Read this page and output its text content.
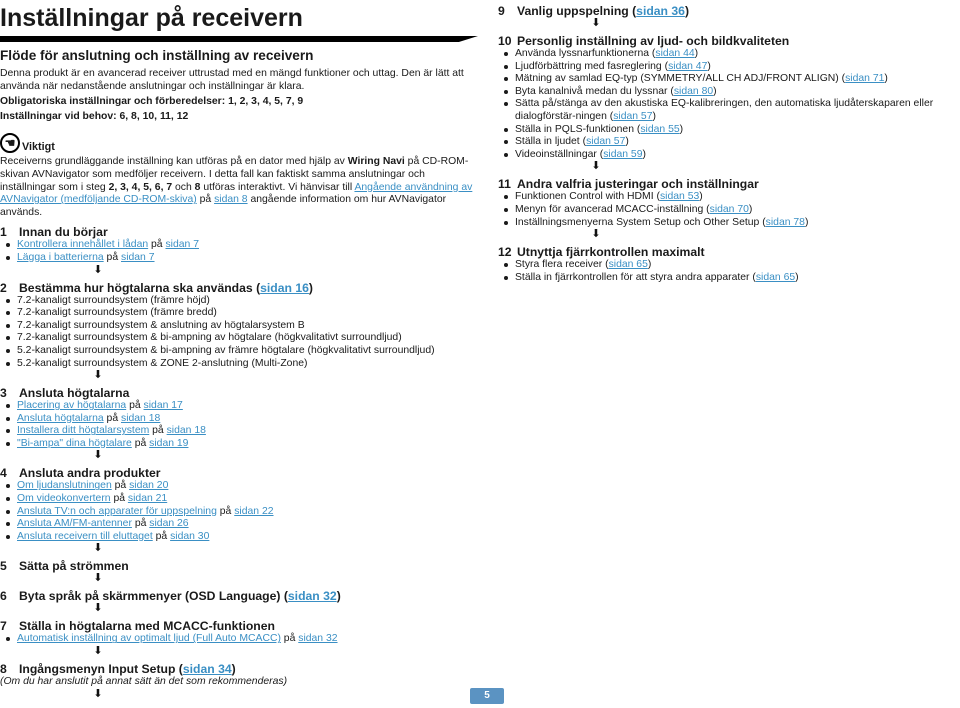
Inställningar på receivern
Flöde för anslutning och inställning av receivern

Denna produkt är en avancerad receiver uttrustad med en mängd funktioner och uttag. Den är lätt att använda när nedanstående anslutningar och inställningar är klara.

Obligatoriska inställningar och förberedelser: 1, 2, 3, 4, 5, 7, 9

Inställningar vid behov: 6, 8, 10, 11, 12

☚ Viktigt
Receiverns grundläggande inställning kan utföras på en dator med hjälp av Wiring Navi på CD-ROM-skivan AVNavigator som medföljer receivern. I detta fall kan faktiskt samma anslutningar och inställningar som i steg 2, 3, 4, 5, 6, 7 och 8 utföras interaktivt. Vi hänvisar till Angående användning av AVNavigator (medföljande CD-ROM-skiva) på sidan 8 angående information om hur AVNavigator används.
1 Innan du börjar
Kontrollera innehållet i lådan på sidan 7
Lägga i batterierna på sidan 7
⬇
2 Bestämma hur högtalarna ska användas (sidan 16)
7.2-kanaligt surroundsystem (främre höjd)
7.2-kanaligt surroundsystem (främre bredd)
7.2-kanaligt surroundsystem & anslutning av högtalarsystem B
7.2-kanaligt surroundsystem & bi-ampning av högtalare (högkvalitativt surroundljud)
5.2-kanaligt surroundsystem & bi-ampning av främre högtalare (högkvalitativt surroundljud)
5.2-kanaligt surroundsystem & ZONE 2-anslutning (Multi-Zone)
⬇
3 Ansluta högtalarna
Placering av högtalarna på sidan 17
Ansluta högtalarna på sidan 18
Installera ditt högtalarsystem på sidan 18
"Bi-ampa" dina högtalare på sidan 19
⬇
4 Ansluta andra produkter
Om ljudanslutningen på sidan 20
Om videokonvertern på sidan 21
Ansluta TV:n och apparater för uppspelning på sidan 22
Ansluta AM/FM-antenner på sidan 26
Ansluta receivern till eluttaget på sidan 30
⬇
5 Sätta på strömmen
⬇
6 Byta språk på skärmmenyer (OSD Language) (sidan 32)
⬇
7 Ställa in högtalarna med MCACC-funktionen
Automatisk inställning av optimalt ljud (Full Auto MCACC) på sidan 32
⬇
8 Ingångsmenyn Input Setup (sidan 34)
(Om du har anslutit på annat sätt än det som rekommenderas)
⬇
9 Vanlig uppspelning (sidan 36)
⬇
10 Personlig inställning av ljud- och bildkvaliteten
Använda lyssnarfunktionerna (sidan 44)
Ljudförbättring med fasreglering (sidan 47)
Mätning av samlad EQ-typ (SYMMETRY/ALL CH ADJ/FRONT ALIGN) (sidan 71)
Byta kanalnivå medan du lyssnar (sidan 80)
Sätta på/stänga av den akustiska EQ-kalibreringen, den automatiska ljudåterskaparen eller dialogförstär-ningen (sidan 57)
Ställa in PQLS-funktionen (sidan 55)
Ställa in ljudet (sidan 57)
Videoinställningar (sidan 59)
⬇
11 Andra valfria justeringar och inställningar
Funktionen Control with HDMI (sidan 53)
Menyn för avancerad MCACC-inställning (sidan 70)
Inställningsmenyerna System Setup och Other Setup (sidan 78)
⬇
12 Utnyttja fjärrkontrollen maximalt
Styra flera receiver (sidan 65)
Ställa in fjärrkontrollen för att styra andra apparater (sidan 65)
5
